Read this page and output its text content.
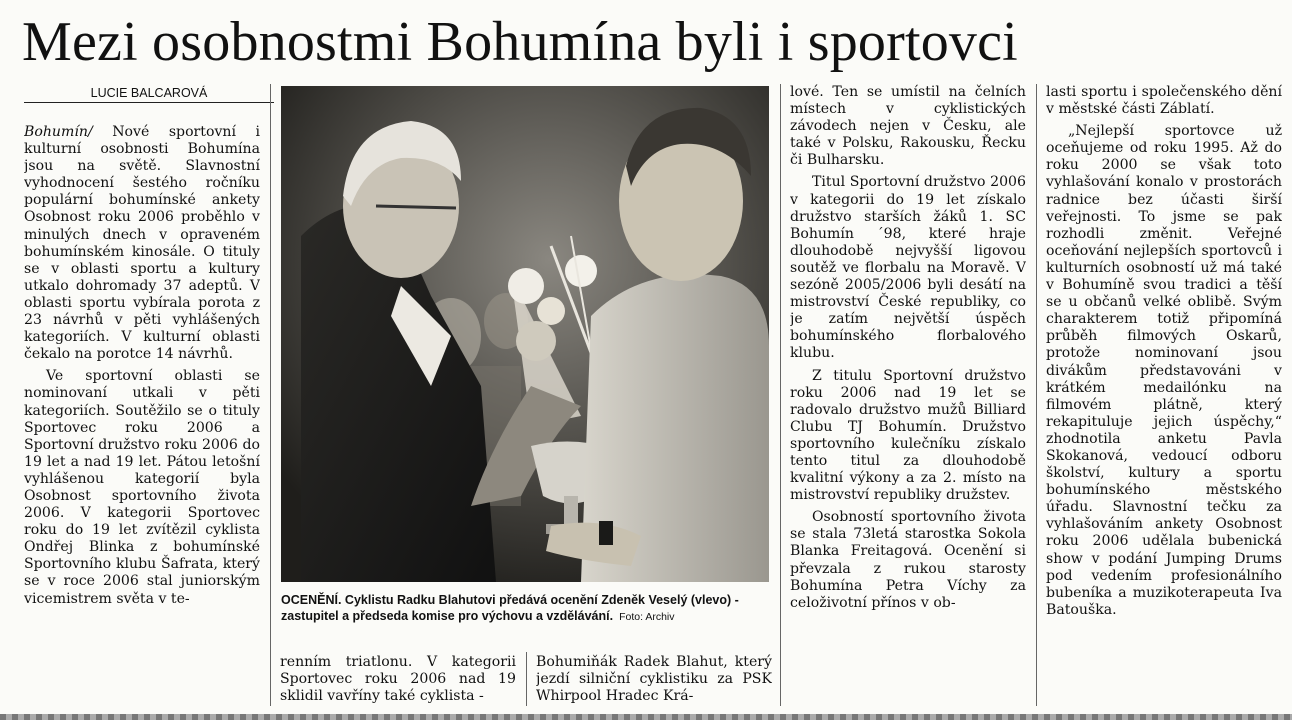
Mezi osobnostmi Bohumína byli i sportovci
LUCIE BALCAROVÁ

Bohumín/ Nové sportovní i kulturní osobnosti Bohumína jsou na světě. Slavnostní vyhodnocení šestého ročníku populární bohumínské ankety Osobnost roku 2006 proběhlo v minulých dnech v opraveném bohumínském kinosále. O tituly se v oblasti sportu a kultury utkalo dohromady 37 adeptů. V oblasti sportu vybírala porota z 23 návrhů v pěti vyhlášených kategoriích. V kulturní oblasti čekalo na porotce 14 návrhů.

Ve sportovní oblasti se nominovaní utkali v pěti kategoriích. Soutěžilo se o tituly Sportovec roku 2006 a Sportovní družstvo roku 2006 do 19 let a nad 19 let. Pátou letošní vyhlášenou kategorií byla Osobnost sportovního života 2006. V kategorii Sportovec roku do 19 let zvítězil cyklista Ondřej Blinka z bohumínské Sportovního klubu Šafrata, který se v roce 2006 stal juniorským vicemistrem světa v te-	OCENĚNÍ. Cyklistu Radku Blahutovi předává ocenění Zdeněk Veselý (vlevo) - zastupitel a předseda komise pro výchovu a vzdělávání. Foto: Archiv

renním triatlonu. V kategorii Sportovec roku 2006 nad 19 sklidil vavříny také cyklista -

Bohumiňák Radek Blahut, který jezdí silniční cyklistiku za PSK Whirpool Hradec Krá-

lové. Ten se umístil na čelních místech v cyklistických závodech nejen v Česku, ale také v Polsku, Rakousku, Řecku či Bulharsku.

Titul Sportovní družstvo 2006 v kategorii do 19 let získalo družstvo starších žáků 1. SC Bohumín ´98, které hraje dlouhodobě nejvyšší ligovou soutěž ve florbalu na Moravě. V sezóně 2005/2006 byli desátí na mistrovství České republiky, co je zatím největší úspěch bohumínského florbalového klubu.

Z titulu Sportovní družstvo roku 2006 nad 19 let se radovalo družstvo mužů Billiard Clubu TJ Bohumín. Družstvo sportovního kulečníku získalo tento titul za dlouhodobě kvalitní výkony a za 2. místo na mistrovství republiky družstev.

Osobností sportovního života se stala 73letá starostka Sokola Blanka Freitagová. Ocenění si převzala z rukou starosty Bohumína Petra Víchy za celoživotní přínos v ob-

lasti sportu i společenského dění v městské části Záblatí.

„Nejlepší sportovce už oceňujeme od roku 1995. Až do roku 2000 se však toto vyhlašování konalo v prostorách radnice bez účasti širší veřejnosti. To jsme se pak rozhodli změnit. Veřejné oceňování nejlepších sportovců i kulturních osobností už má také v Bohumíně svou tradici a těší se u občanů velké oblibě. Svým charakterem totiž připomíná průběh filmových Oskarů, protože nominovaní jsou divákům představováni v krátkém medailónku na filmovém plátně, který rekapituluje jejich úspěchy,“ zhodnotila anketu Pavla Skokanová, vedoucí odboru školství, kultury a sportu bohumínského městského úřadu. Slavnostní tečku za vyhlašováním ankety Osobnost roku 2006 udělala bubenická show v podání Jumping Drums pod vedením profesionálního bubeníka a muzikoterapeuta Iva Batouška.
